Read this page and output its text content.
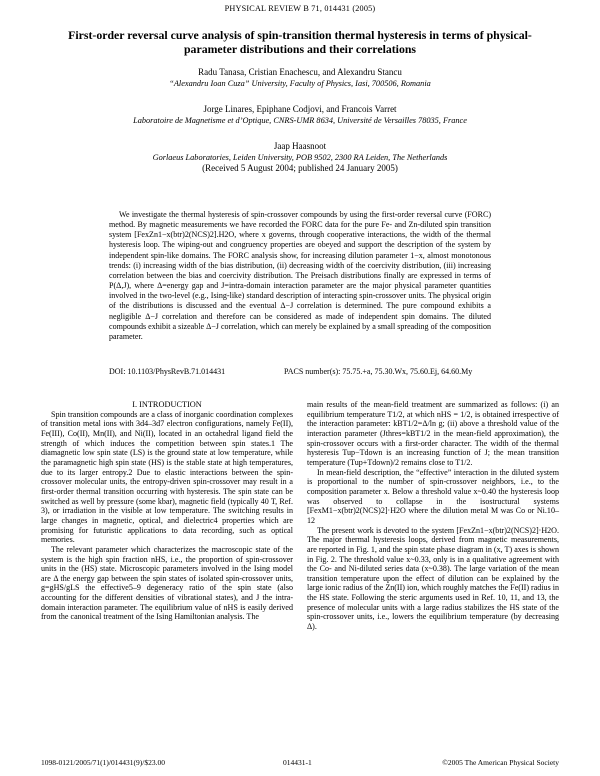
PHYSICAL REVIEW B 71, 014431 (2005)
First-order reversal curve analysis of spin-transition thermal hysteresis in terms of physical-parameter distributions and their correlations
Radu Tanasa, Cristian Enachescu, and Alexandru Stancu
“Alexandru Ioan Cuza” University, Faculty of Physics, Iasi, 700506, Romania
Jorge Linares, Epiphane Codjovi, and Francois Varret
Laboratoire de Magnetisme et d’Optique, CNRS-UMR 8634, Université de Versailles 78035, France
Jaap Haasnoot
Gorlaeus Laboratories, Leiden University, POB 9502, 2300 RA Leiden, The Netherlands
(Received 5 August 2004; published 24 January 2005)

We investigate the thermal hysteresis of spin-crossover compounds by using the first-order reversal curve (FORC) method. By magnetic measurements we have recorded the FORC data for the pure Fe- and Zn-diluted spin transition system [FexZn1−x(btr)2(NCS)2].H2O, where x governs, through cooperative interactions, the width of the thermal hysteresis loop. The wiping-out and congruency properties are obeyed and support the description of the system by independent spin-like domains. The FORC analysis show, for increasing dilution parameter 1−x, almost monotonous trends: (i) increasing width of the bias distribution, (ii) decreasing width of the coercivity distribution, (iii) increasing correlation between the bias and coercivity distribution. The Preisach distributions finally are expressed in terms of P(Δ,J), where Δ=energy gap and J=intra-domain interaction parameter are the major physical parameter quantities involved in the two-level (e.g., Ising-like) standard description of interacting spin-crossover units. The physical origin of the distributions is discussed and the eventual Δ−J correlation is determined. The pure compound exhibits a negligible Δ−J correlation and therefore can be considered as made of independent spin domains. The diluted compounds exhibit a sizeable Δ−J correlation, which can merely be explained by a small spreading of the composition parameter.

DOI: 10.1103/PhysRevB.71.014431	PACS number(s): 75.75.+a, 75.30.Wx, 75.60.Ej, 64.60.My

I. INTRODUCTION

Spin transition compounds are a class of inorganic coordination complexes of transition metal ions with 3d4–3d7 electron configurations, namely Fe(II), Fe(III), Co(II), Mn(II), and Ni(II), located in an octahedral ligand field the strength of which induces the competition between spin states.1 The diamagnetic low spin state (LS) is the ground state at low temperature, while the paramagnetic high spin state (HS) is the stable state at high temperatures, due to its larger entropy.2 Due to elastic interactions between the spin-crossover molecular units, the entropy-driven spin-crossover may result in a first-order thermal transition occurring with hysteresis. The spin state can be switched as well by pressure (some kbar), magnetic field (typically 40 T, Ref. 3), or irradiation in the visible at low temperature. The switching results in large changes in magnetic, optical, and dielectric4 properties which are promising for futuristic applications to data recording, such as optical memories.

The relevant parameter which characterizes the macroscopic state of the system is the high spin fraction nHS, i.e., the proportion of spin-crossover units in the (HS) state. Microscopic parameters involved in the Ising model are Δ the energy gap between the spin states of isolated spin-crossover units, g=gHS/gLS the effective5–9 degeneracy ratio of the spin state (also accounting for the different densities of vibrational states), and J the intra-domain interaction parameter. The equilibrium value of nHS is easily derived from the canonical treatment of the Ising Hamiltonian analysis. The

main results of the mean-field treatment are summarized as follows: (i) an equilibrium temperature T1/2, at which nHS = 1/2, is obtained irrespective of the interaction parameter: kBT1/2=Δ/ln g; (ii) above a threshold value of the interaction parameter (Jthres=kBT1/2 in the mean-field approximation), the spin-crossover occurs with a first-order character. The width of the thermal hysteresis Tup−Tdown is an increasing function of J; the mean transition temperature (Tup+Tdown)/2 remains close to T1/2.

In mean-field description, the “effective” interaction in the diluted system is proportional to the number of spin-crossover neighbors, i.e., to the composition parameter x. Below a threshold value x~0.40 the hysteresis loop was observed to collapse in the isostructural systems [FexM1−x(btr)2(NCS)2]·H2O where the dilution metal M was Co or Ni.10–12

The present work is devoted to the system [FexZn1−x(btr)2(NCS)2]·H2O. The major thermal hysteresis loops, derived from magnetic measurements, are reported in Fig. 1, and the spin state phase diagram in (x, T) axes is shown in Fig. 2. The threshold value x~0.33, only is in a qualitative agreement with the Co- and Ni-diluted series data (x~0.38). The large variation of the mean transition temperature upon the effect of dilution can be explained by the large ionic radius of the Zn(II) ion, which roughly matches the Fe(II) radius in the HS state. Following the steric arguments used in Ref. 10, 11, and 13, the presence of molecular units with a large radius stabilizes the HS state of the spin-crossover units, i.e., lowers the equilibrium temperature (by decreasing Δ).

1098-0121/2005/71(1)/014431(9)/$23.00	014431-1	©2005 The American Physical Society
